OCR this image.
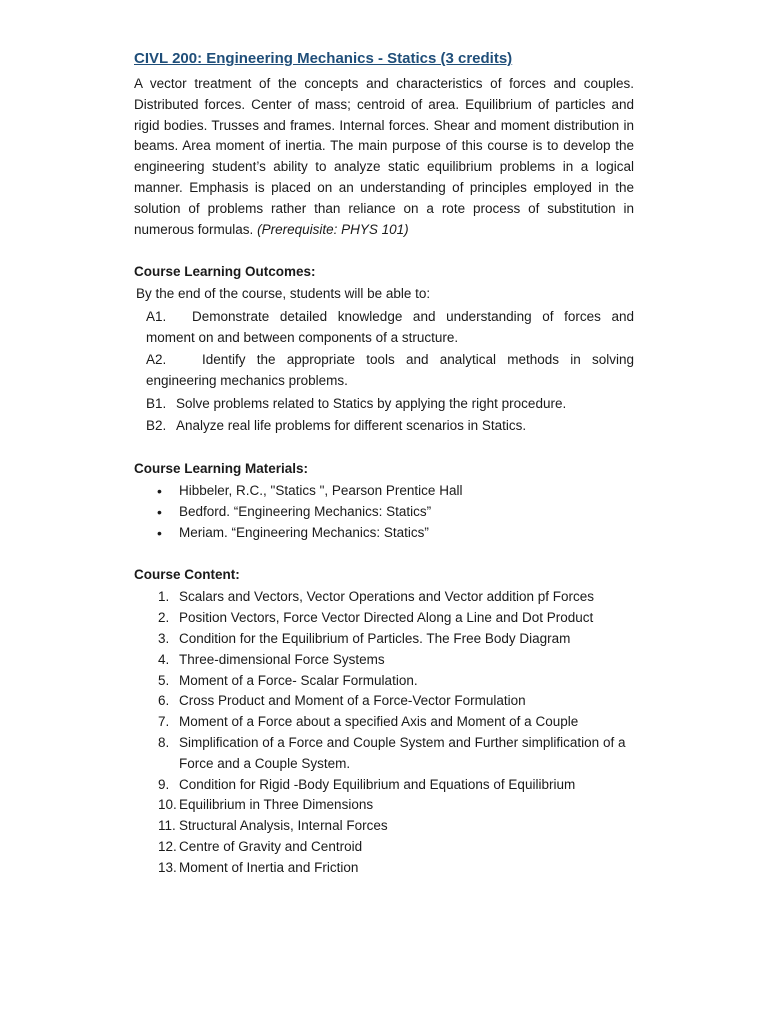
CIVL 200: Engineering Mechanics - Statics (3 credits)

A vector treatment of the concepts and characteristics of forces and couples. Distributed forces. Center of mass; centroid of area. Equilibrium of particles and rigid bodies. Trusses and frames. Internal forces. Shear and moment distribution in beams. Area moment of inertia. The main purpose of this course is to develop the engineering student’s ability to analyze static equilibrium problems in a logical manner. Emphasis is placed on an understanding of principles employed in the solution of problems rather than reliance on a rote process of substitution in numerous formulas. (Prerequisite: PHYS 101)

Course Learning Outcomes:
By the end of the course, students will be able to:
A1. Demonstrate detailed knowledge and understanding of forces and moment on and between components of a structure.
A2.	Identify the appropriate tools and analytical methods in solving engineering mechanics problems.
B1. Solve problems related to Statics by applying the right procedure.
B2. Analyze real life problems for different scenarios in Statics.
Course Learning Materials:
•	Hibbeler, R.C., "Statics ", Pearson Prentice Hall
•	Bedford. “Engineering Mechanics: Statics”
•	Meriam. “Engineering Mechanics: Statics”
Course Content:
1. Scalars and Vectors, Vector Operations and Vector addition pf Forces
2. Position Vectors, Force Vector Directed Along a Line and Dot Product
3. Condition for the Equilibrium of Particles. The Free Body Diagram
4. Three-dimensional Force Systems
5. Moment of a Force- Scalar Formulation.
6. Cross Product and Moment of a Force-Vector Formulation
7. Moment of a Force about a specified Axis and Moment of a Couple
8. Simplification of a Force and Couple System and Further simplification of a Force and a Couple System.
9. Condition for Rigid -Body Equilibrium and Equations of Equilibrium
10. Equilibrium in Three Dimensions
11. Structural Analysis, Internal Forces
12. Centre of Gravity and Centroid
13. Moment of Inertia and Friction
